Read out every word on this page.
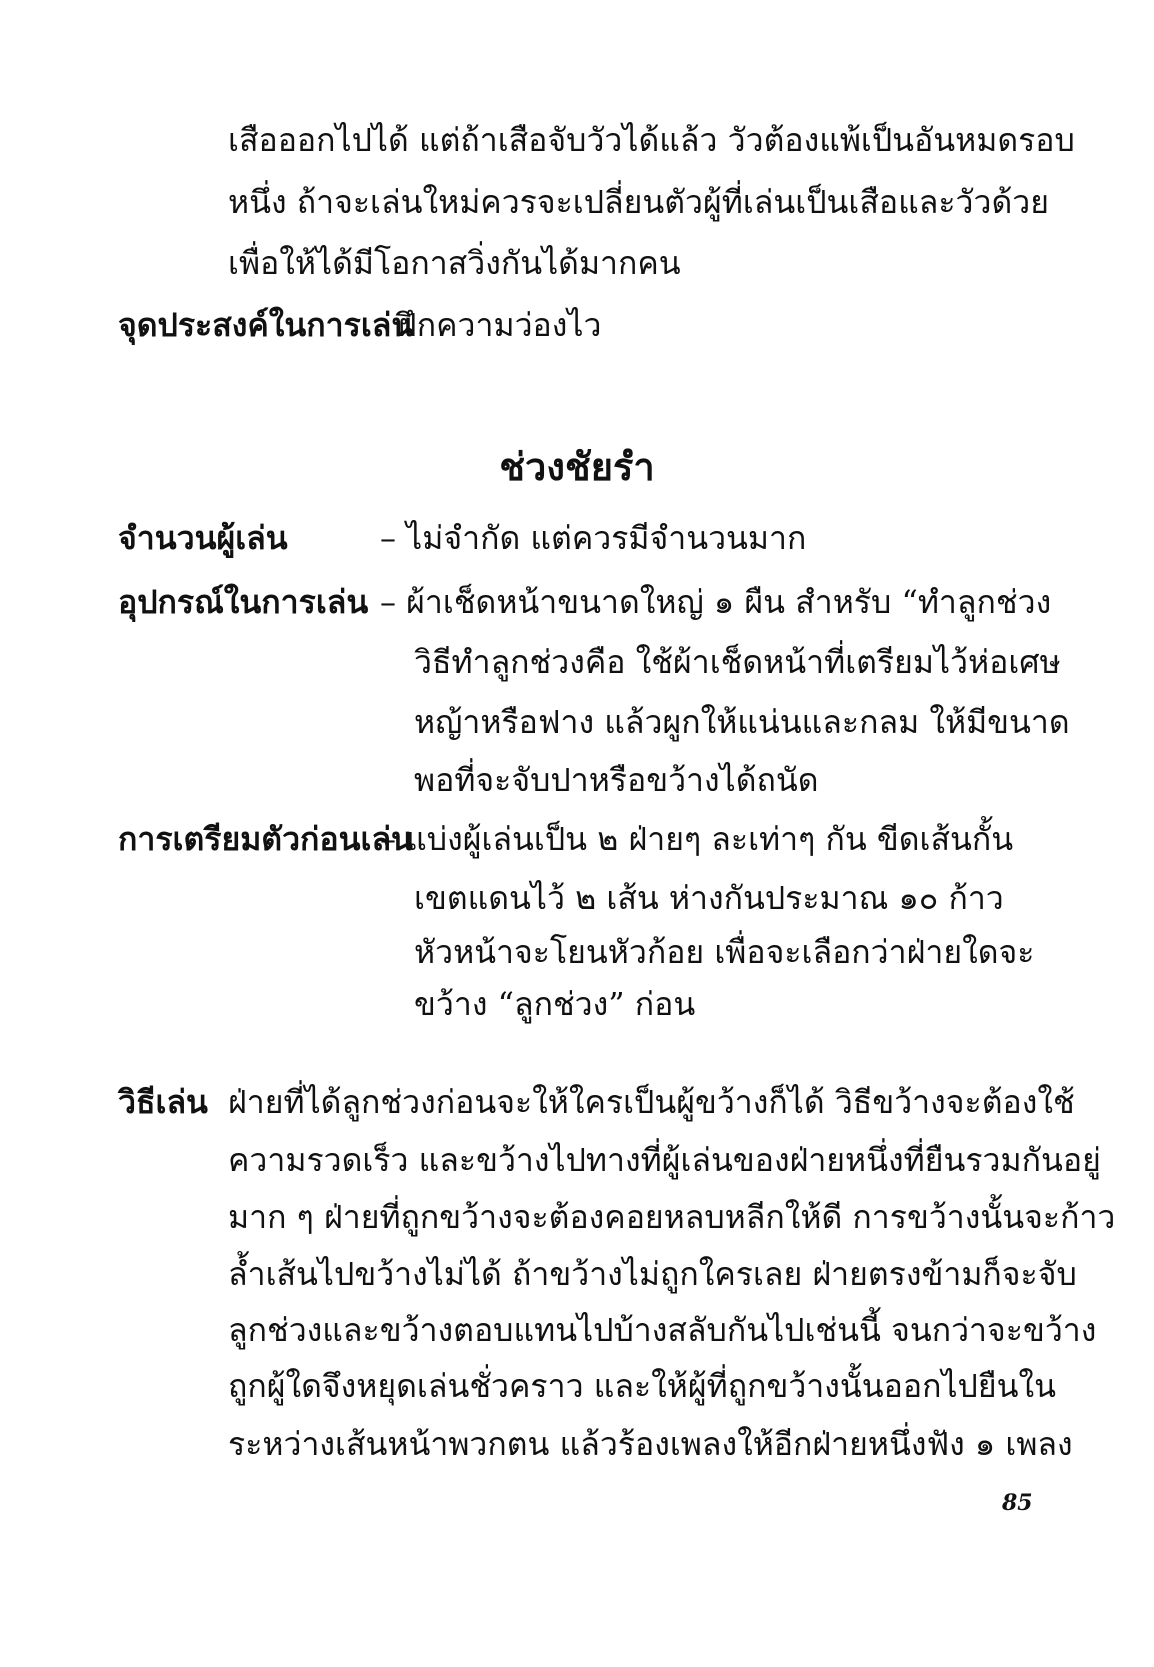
เสือออกไปได้ แต่ถ้าเสือจับวัวได้แล้ว วัวต้องแพ้เป็นอันหมดรอบ
หนึ่ง ถ้าจะเล่นใหม่ควรจะเปลี่ยนตัวผู้ที่เล่นเป็นเสือและวัวด้วย
เพื่อให้ได้มีโอกาสวิ่งกันได้มากคน
จุดประสงค์ในการเล่น
ฝึกความว่องไว
ช่วงชัยรำ
จำนวนผู้เล่น	– ไม่จำกัด แต่ควรมีจำนวนมาก
อุปกรณ์ในการเล่น – ผ้าเช็ดหน้าขนาดใหญ่ ๑ ผืน สำหรับ “ทำลูกช่วง
วิธีทำลูกช่วงคือ ใช้ผ้าเช็ดหน้าที่เตรียมไว้ห่อเศษ
หญ้าหรือฟาง แล้วผูกให้แน่นและกลม ให้มีขนาด
พอที่จะจับปาหรือขว้างได้ถนัด
การเตรียมตัวก่อนเล่น
– แบ่งผู้เล่นเป็น ๒ ฝ่ายๆ ละเท่าๆ กัน ขีดเส้นกั้น
เขตแดนไว้ ๒ เส้น ห่างกันประมาณ ๑๐ ก้าว
หัวหน้าจะโยนหัวก้อย เพื่อจะเลือกว่าฝ่ายใดจะ
ขว้าง “ลูกช่วง” ก่อน
วิธีเล่น ฝ่ายที่ได้ลูกช่วงก่อนจะให้ใครเป็นผู้ขว้างก็ได้ วิธีขว้างจะต้องใช้
ความรวดเร็ว และขว้างไปทางที่ผู้เล่นของฝ่ายหนึ่งที่ยืนรวมกันอยู่
มาก ๆ ฝ่ายที่ถูกขว้างจะต้องคอยหลบหลีกให้ดี การขว้างนั้นจะก้าว
ล้ำเส้นไปขว้างไม่ได้ ถ้าขว้างไม่ถูกใครเลย ฝ่ายตรงข้ามก็จะจับ
ลูกช่วงและขว้างตอบแทนไปบ้างสลับกันไปเช่นนี้ จนกว่าจะขว้าง
ถูกผู้ใดจึงหยุดเล่นชั่วคราว และให้ผู้ที่ถูกขว้างนั้นออกไปยืนใน
ระหว่างเส้นหน้าพวกตน แล้วร้องเพลงให้อีกฝ่ายหนึ่งฟัง ๑ เพลง
85
